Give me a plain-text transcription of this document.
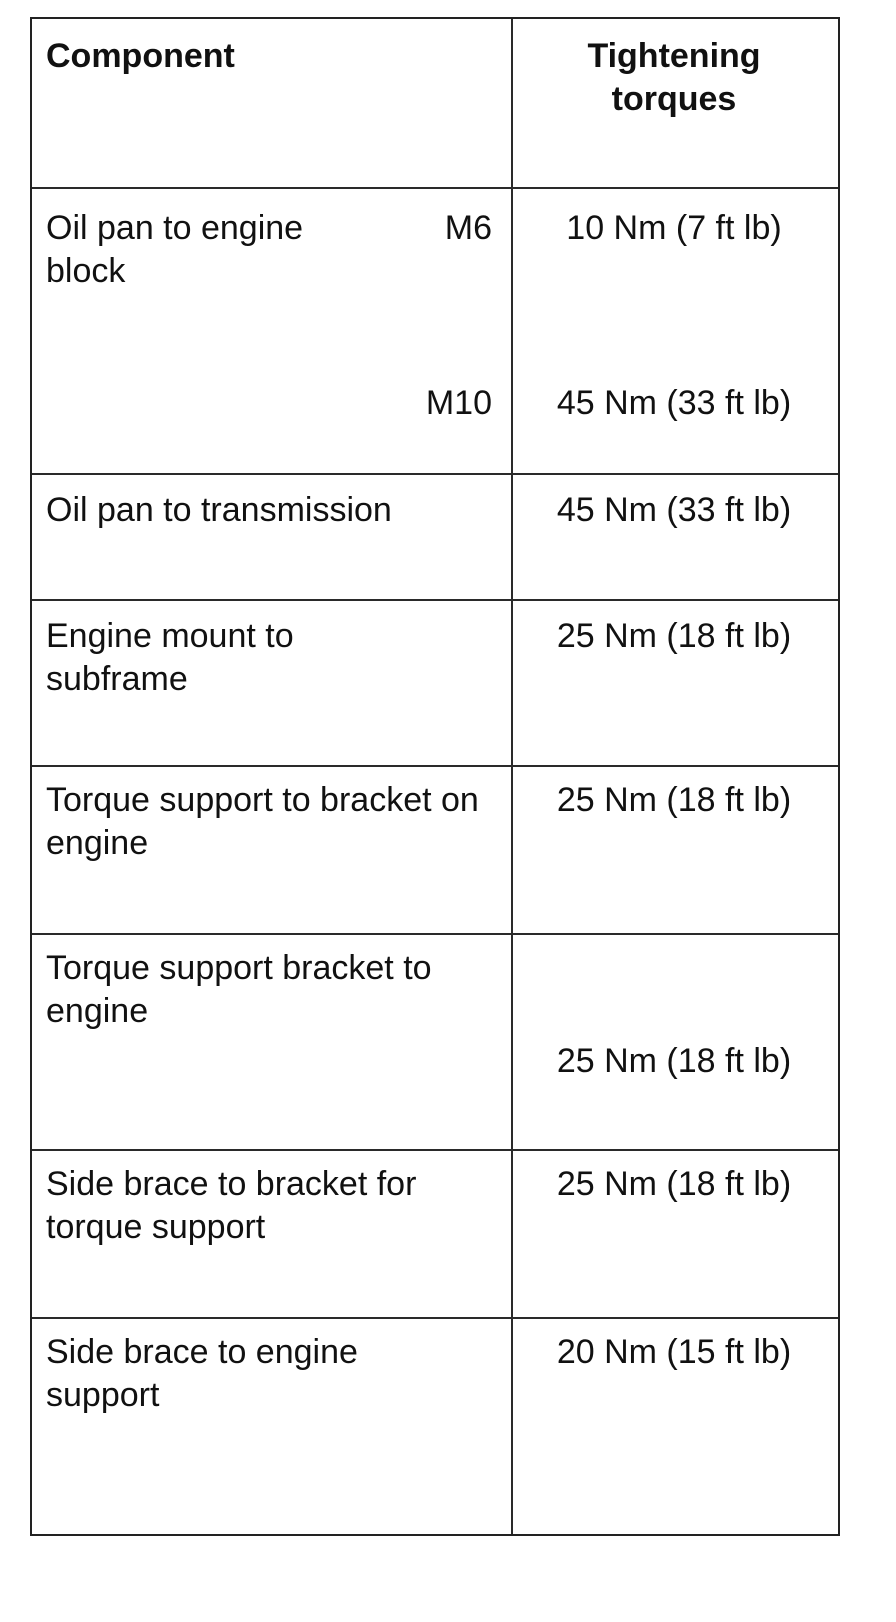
Component	Tightening torques
Oil pan to engine block
M6
M10
10 Nm (7 ft lb)
45 Nm (33 ft lb)
Oil pan to transmission	45 Nm (33 ft lb)
Engine mount to subframe
25 Nm (18 ft lb)
Torque support to bracket on engine
25 Nm (18 ft lb)
Torque support bracket to engine
25 Nm (18 ft lb)
Side brace to bracket for torque support
25 Nm (18 ft lb)
Side brace to engine support
20 Nm (15 ft lb)
